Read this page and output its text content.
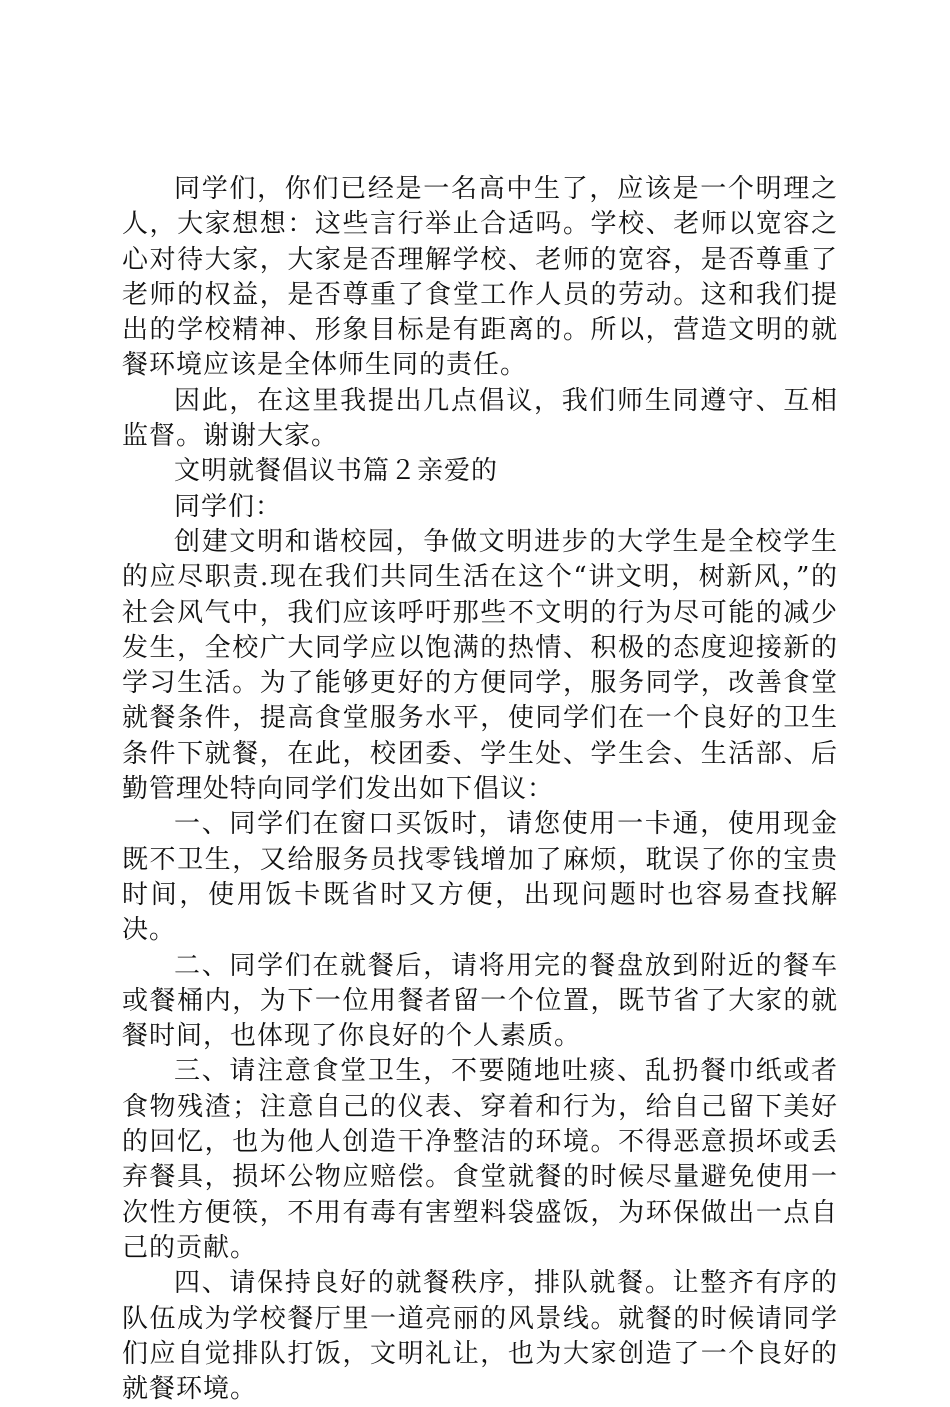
同学们，你们已经是一名高中生了，应该是一个明理之人，大家想想：这些言行举止合适吗。学校、老师以宽容之心对待大家，大家是否理解学校、老师的宽容，是否尊重了老师的权益，是否尊重了食堂工作人员的劳动。这和我们提出的学校精神、形象目标是有距离的。所以，营造文明的就餐环境应该是全体师生同的责任。

因此，在这里我提出几点倡议，我们师生同遵守、互相监督。谢谢大家。

文明就餐倡议书篇２亲爱的

同学们：

创建文明和谐校园，争做文明进步的大学生是全校学生的应尽职责.现在我们共同生活在这个“讲文明，树新风，”的社会风气中，我们应该呼吁那些不文明的行为尽可能的减少发生，全校广大同学应以饱满的热情、积极的态度迎接新的学习生活。为了能够更好的方便同学，服务同学，改善食堂就餐条件，提高食堂服务水平，使同学们在一个良好的卫生条件下就餐，在此，校团委、学生处、学生会、生活部、后勤管理处特向同学们发出如下倡议：

一、同学们在窗口买饭时，请您使用一卡通，使用现金既不卫生，又给服务员找零钱增加了麻烦，耽误了你的宝贵时间，使用饭卡既省时又方便，出现问题时也容易查找解决。

二、同学们在就餐后，请将用完的餐盘放到附近的餐车或餐桶内，为下一位用餐者留一个位置，既节省了大家的就餐时间，也体现了你良好的个人素质。

三、请注意食堂卫生，不要随地吐痰、乱扔餐巾纸或者食物残渣；注意自己的仪表、穿着和行为，给自己留下美好的回忆，也为他人创造干净整洁的环境。不得恶意损坏或丢弃餐具，损坏公物应赔偿。食堂就餐的时候尽量避免使用一次性方便筷，不用有毒有害塑料袋盛饭，为环保做出一点自己的贡献。

四、请保持良好的就餐秩序，排队就餐。让整齐有序的队伍成为学校餐厅里一道亮丽的风景线。就餐的时候请同学们应自觉排队打饭，文明礼让，也为大家创造了一个良好的就餐环境。
